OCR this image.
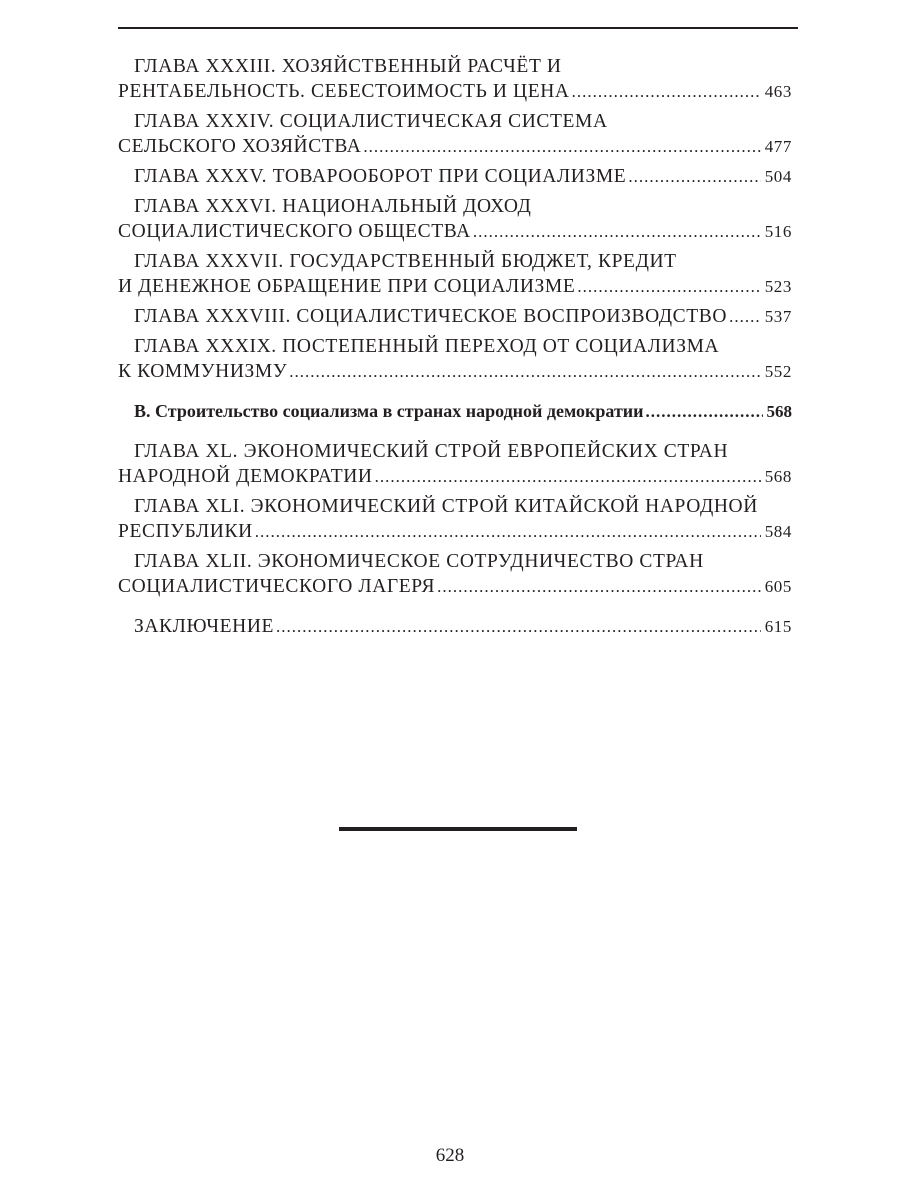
ГЛАВА XXXIII. ХОЗЯЙСТВЕННЫЙ РАСЧЁТ И
РЕНТАБЕЛЬНОСТЬ. СЕБЕСТОИМОСТЬ И ЦЕНА .....	463
ГЛАВА XXXIV. СОЦИАЛИСТИЧЕСКАЯ СИСТЕМА
СЕЛЬСКОГО ХОЗЯЙСТВА .....	477
ГЛАВА XXXV. ТОВАРООБОРОТ ПРИ СОЦИАЛИЗМЕ .....	504
ГЛАВА XXXVI. НАЦИОНАЛЬНЫЙ ДОХОД
СОЦИАЛИСТИЧЕСКОГО ОБЩЕСТВА .....	516
ГЛАВА XXXVII. ГОСУДАРСТВЕННЫЙ БЮДЖЕТ, КРЕДИТ
И ДЕНЕЖНОЕ ОБРАЩЕНИЕ ПРИ СОЦИАЛИЗМЕ .....	523
ГЛАВА XXXVIII. СОЦИАЛИСТИЧЕСКОЕ ВОСПРОИЗВОДСТВО ..... 537
ГЛАВА XXXIX. ПОСТЕПЕННЫЙ ПЕРЕХОД ОТ СОЦИАЛИЗМА
К КОММУНИЗМУ .....	552
В. Строительство социализма в странах народной демократии .....	568
ГЛАВА XL. ЭКОНОМИЧЕСКИЙ СТРОЙ ЕВРОПЕЙСКИХ СТРАН
НАРОДНОЙ ДЕМОКРАТИИ .....	568
ГЛАВА XLI. ЭКОНОМИЧЕСКИЙ СТРОЙ КИТАЙСКОЙ НАРОДНОЙ
РЕСПУБЛИКИ .....	584
ГЛАВА XLII. ЭКОНОМИЧЕСКОЕ СОТРУДНИЧЕСТВО СТРАН
СОЦИАЛИСТИЧЕСКОГО ЛАГЕРЯ .....	605
ЗАКЛЮЧЕНИЕ .....	615
628
